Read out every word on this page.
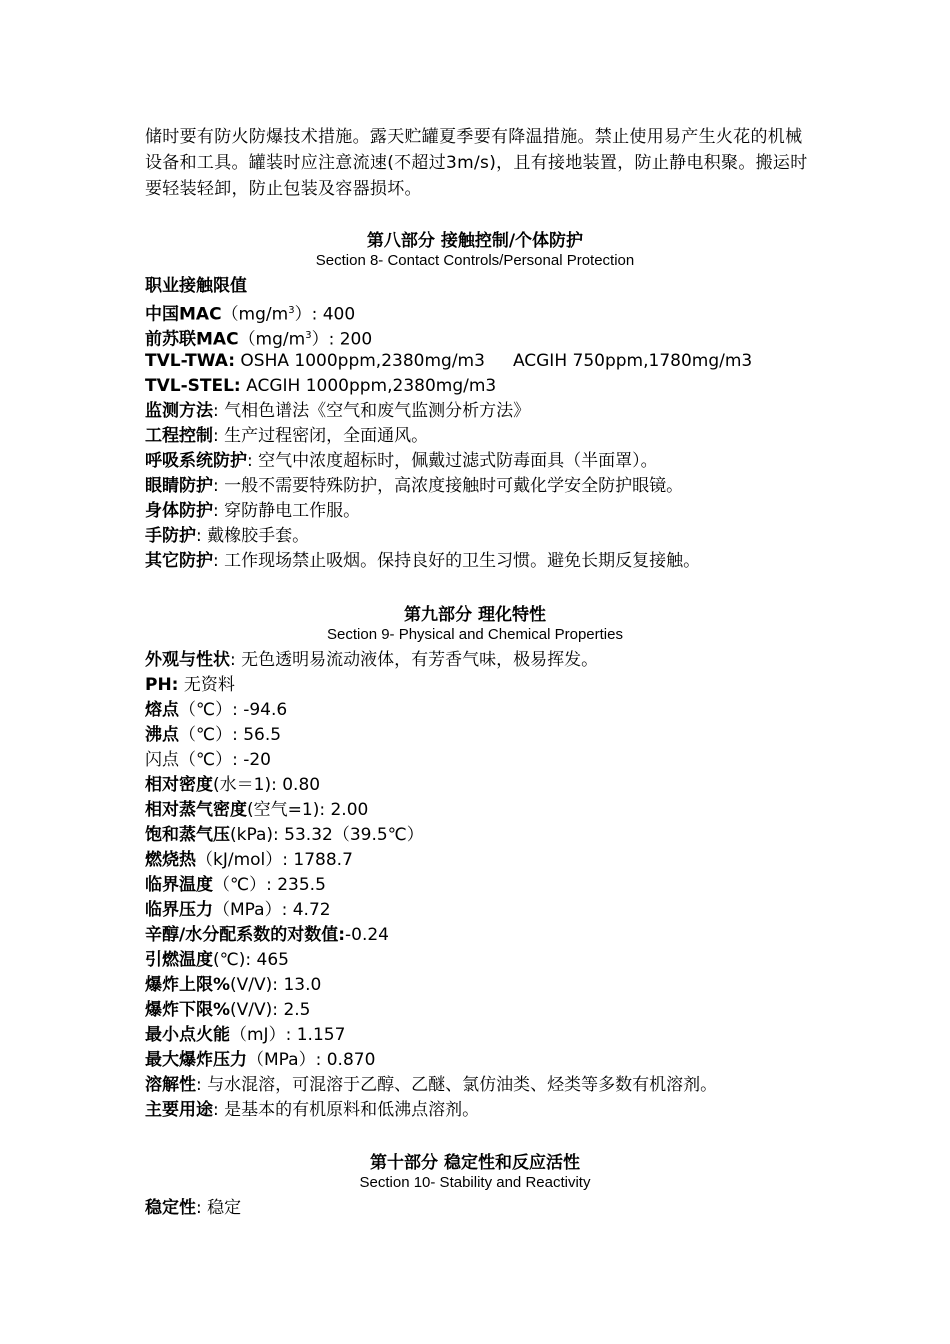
储时要有防火防爆技术措施。露天贮罐夏季要有降温措施。禁止使用易产生火花的机械设备和工具。罐装时应注意流速(不超过3m/s)，且有接地装置，防止静电积聚。搬运时要轻装轻卸，防止包装及容器损坏。
第八部分 接触控制/个体防护
Section 8- Contact Controls/Personal Protection
职业接触限值
中国$MAC(mg/m^3)$: 400
前苏联$MAC(mg/m^3)$: 200
TVL-TWA: OSHA 1000ppm,2380mg/m3 ACGIH 750ppm,1780mg/m3
TVL-STEL: ACGIH 1000ppm,2380mg/m3
监测方法: 气相色谱法《空气和废气监测分析方法》
工程控制: 生产过程密闭，全面通风。
呼吸系统防护: 空气中浓度超标时，佩戴过滤式防毒面具（半面罩）。
眼睛防护: 一般不需要特殊防护，高浓度接触时可戴化学安全防护眼镜。
身体防护: 穿防静电工作服。
手防护: 戴橡胶手套。
其它防护: 工作现场禁止吸烟。保持良好的卫生习惯。避免长期反复接触。
第九部分 理化特性
Section 9- Physical and Chemical Properties
外观与性状: 无色透明易流动液体，有芳香气味，极易挥发。
PH: 无资料
熔点（℃）: -94.6
沸点（℃）: 56.5
闪点（℃）: -20
相对密度(水＝1): 0.80
相对蒸气密度(空气=1): 2.00
饱和蒸气压(kPa): 53.32（39.5℃）
燃烧热（kJ/mol）: 1788.7
临界温度（℃）: 235.5
临界压力（MPa）: 4.72
辛醇/水分配系数的对数值:-0.24
引燃温度(℃): 465
爆炸上限%(V/V): 13.0
爆炸下限%(V/V): 2.5
最小点火能（mJ）: 1.157
最大爆炸压力（MPa）: 0.870
溶解性: 与水混溶，可混溶于乙醇、乙醚、氯仿油类、烃类等多数有机溶剂。
主要用途: 是基本的有机原料和低沸点溶剂。
第十部分 稳定性和反应活性
Section 10- Stability and Reactivity
稳定性: 稳定
